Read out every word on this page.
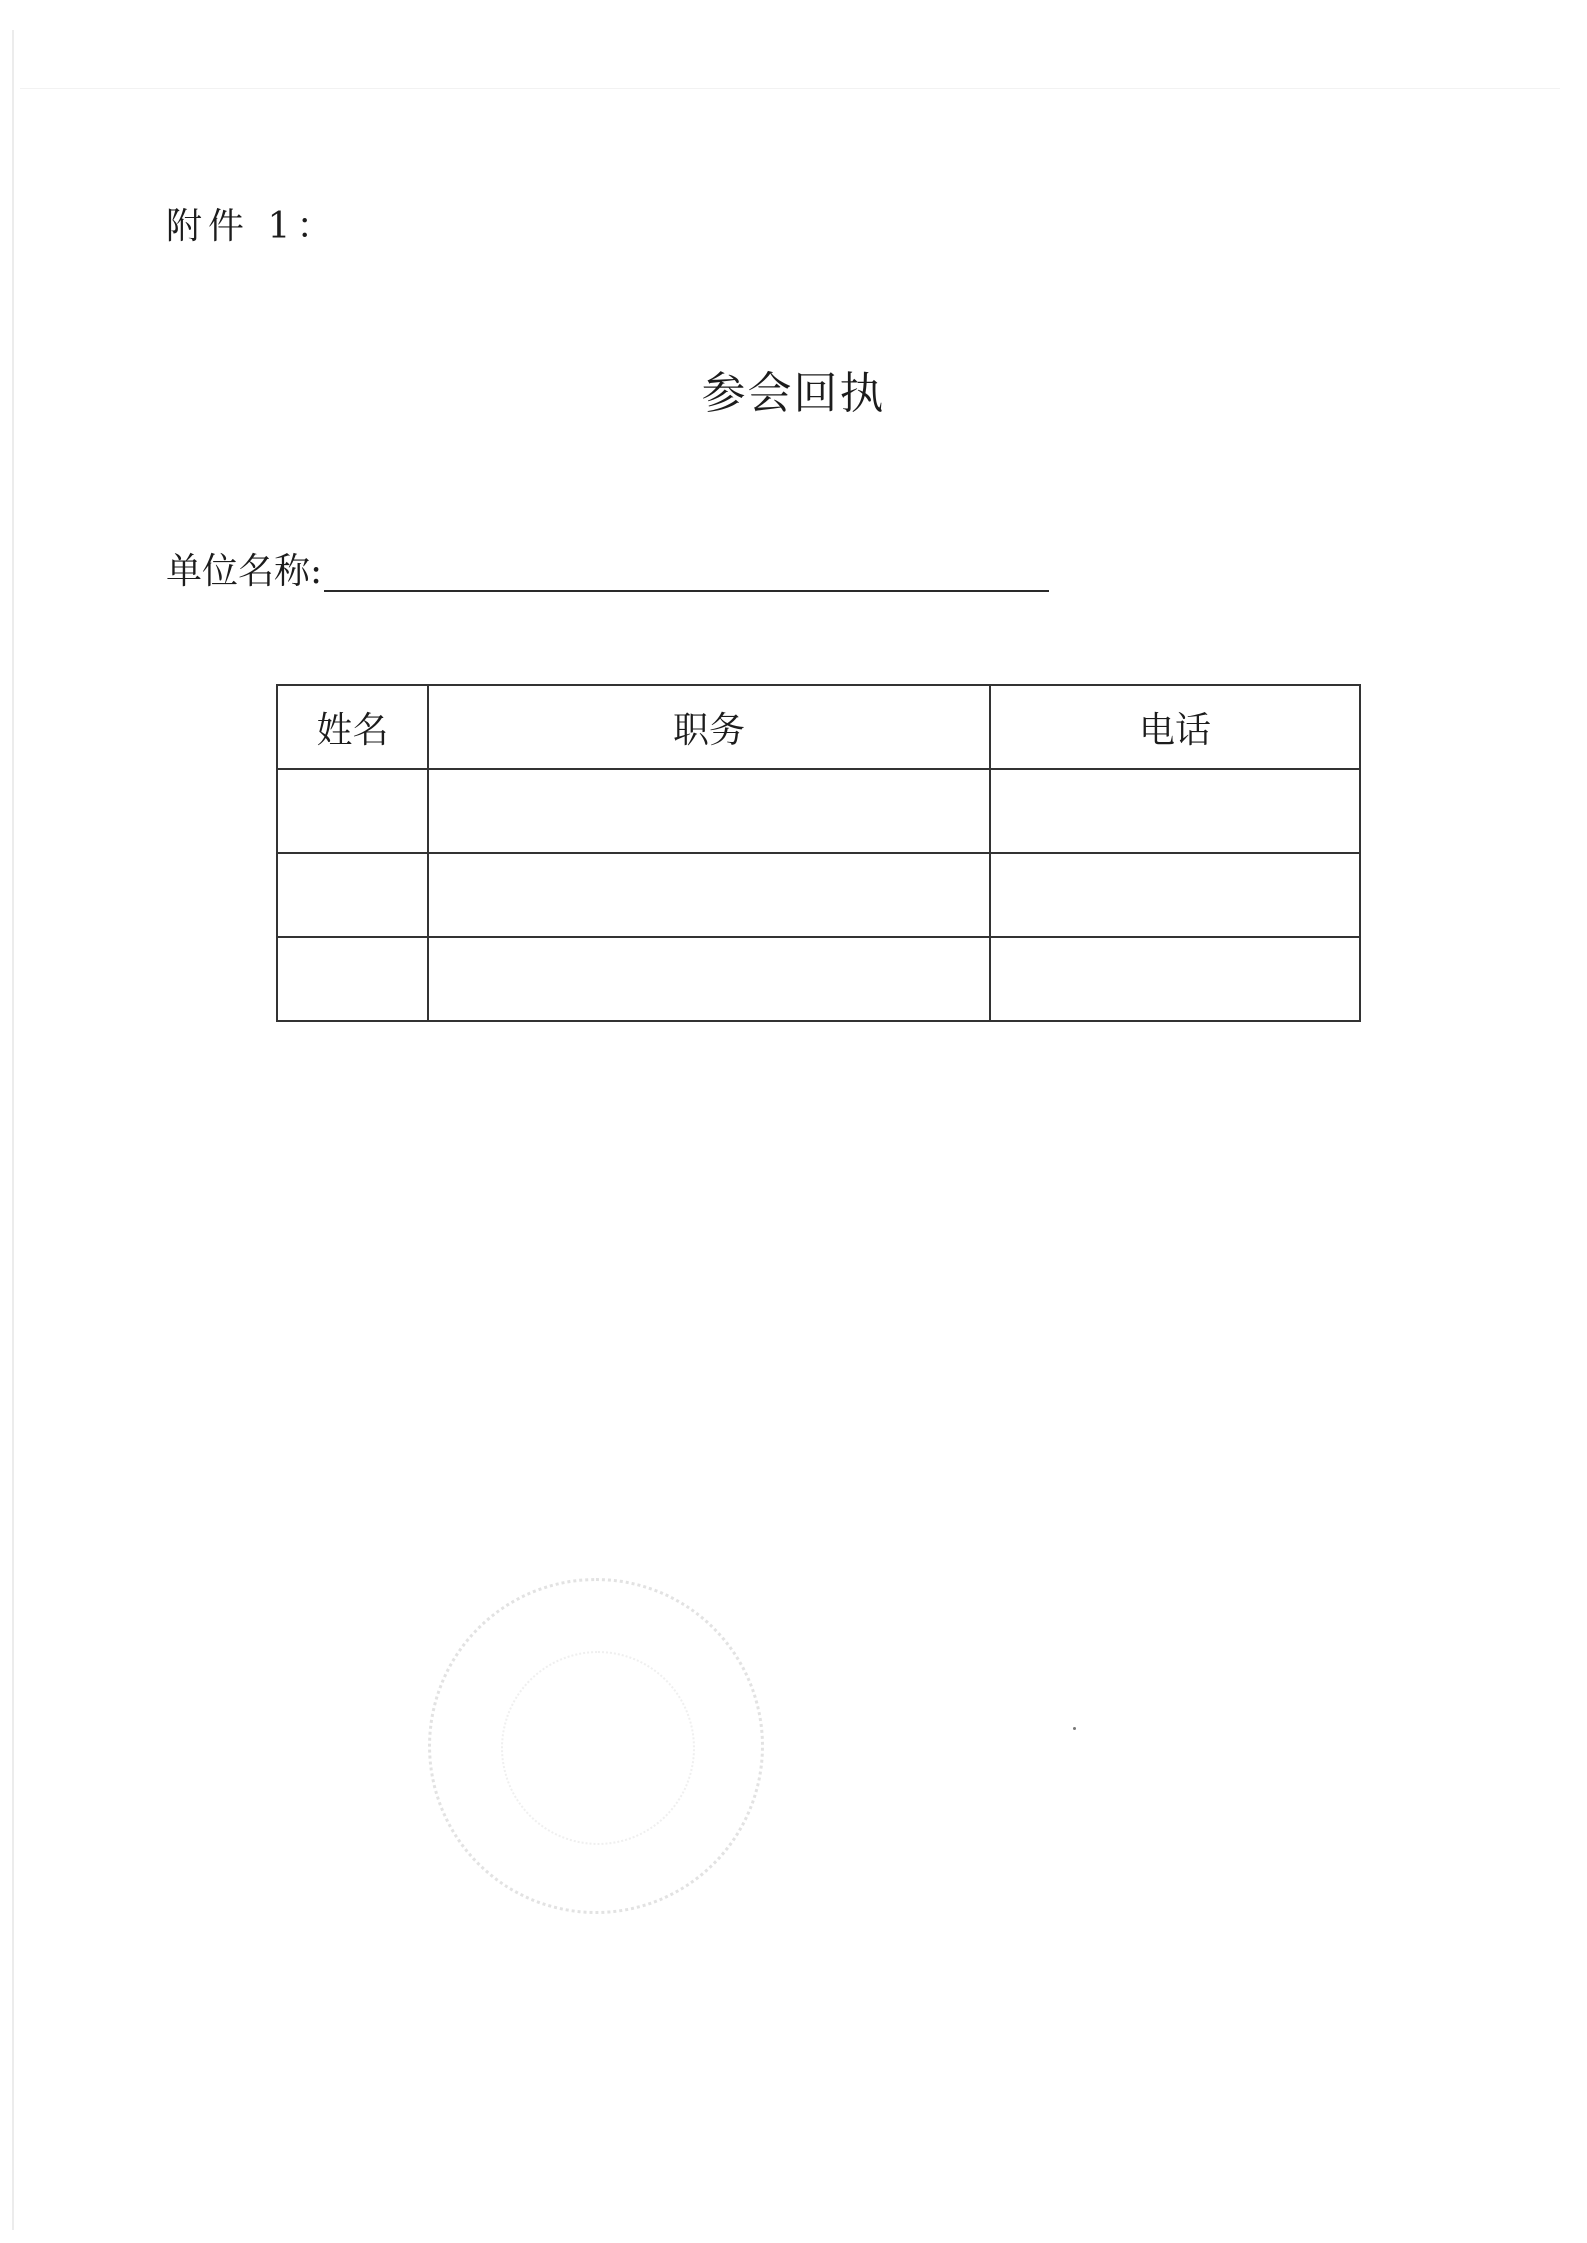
附件 1：
参会回执
单位名称:
姓名	职务	电话
